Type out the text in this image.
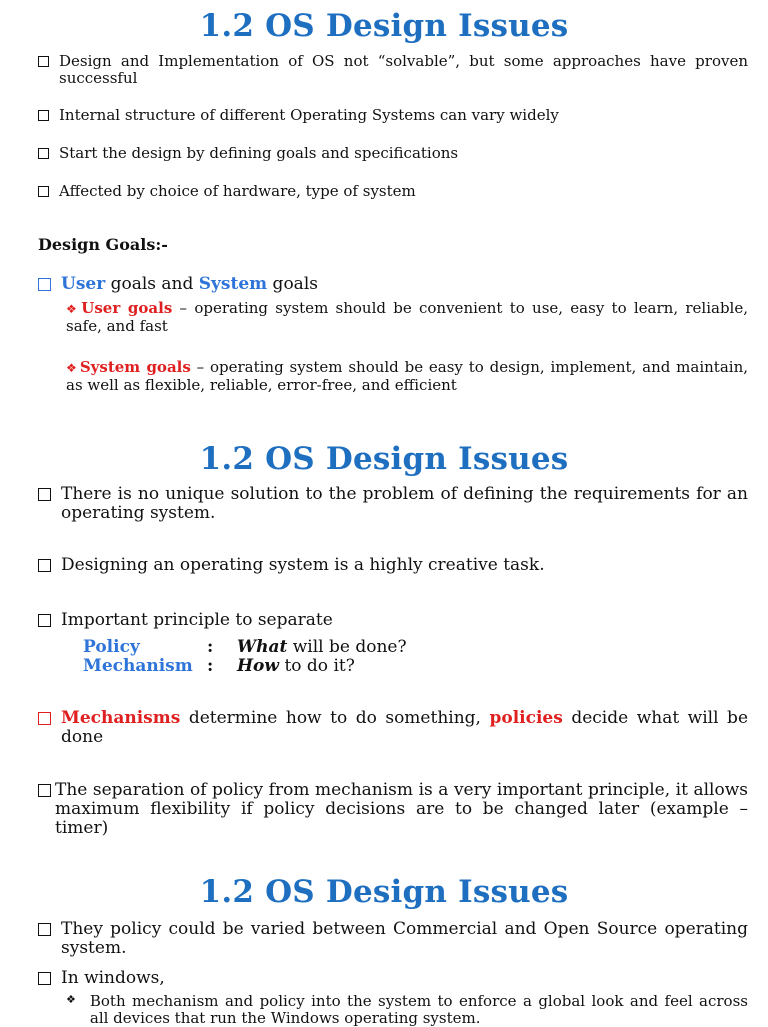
1.2 OS Design Issues
Design and Implementation of OS not “solvable”, but some approaches have proven successful
Internal structure of different Operating Systems can vary widely
Start the design by defining goals and specifications
Affected by choice of hardware, type of system
Design Goals:-
User goals and System goals
❖ User goals – operating system should be convenient to use, easy to learn, reliable, safe, and fast
❖ System goals – operating system should be easy to design, implement, and maintain, as well as flexible, reliable, error-free, and efficient
1.2 OS Design Issues
There is no unique solution to the problem of defining the requirements for an operating system.
Designing an operating system is a highly creative task.
Important principle to separate
Policy	: What will be done?
Mechanism : How to do it?
Mechanisms determine how to do something, policies decide what will be done
The separation of policy from mechanism is a very important principle, it allows maximum flexibility if policy decisions are to be changed later (example – timer)
1.2 OS Design Issues
They policy could be varied between Commercial and Open Source operating system.
In windows,
❖ Both mechanism and policy into the system to enforce a global look and feel across all devices that run the Windows operating system.
